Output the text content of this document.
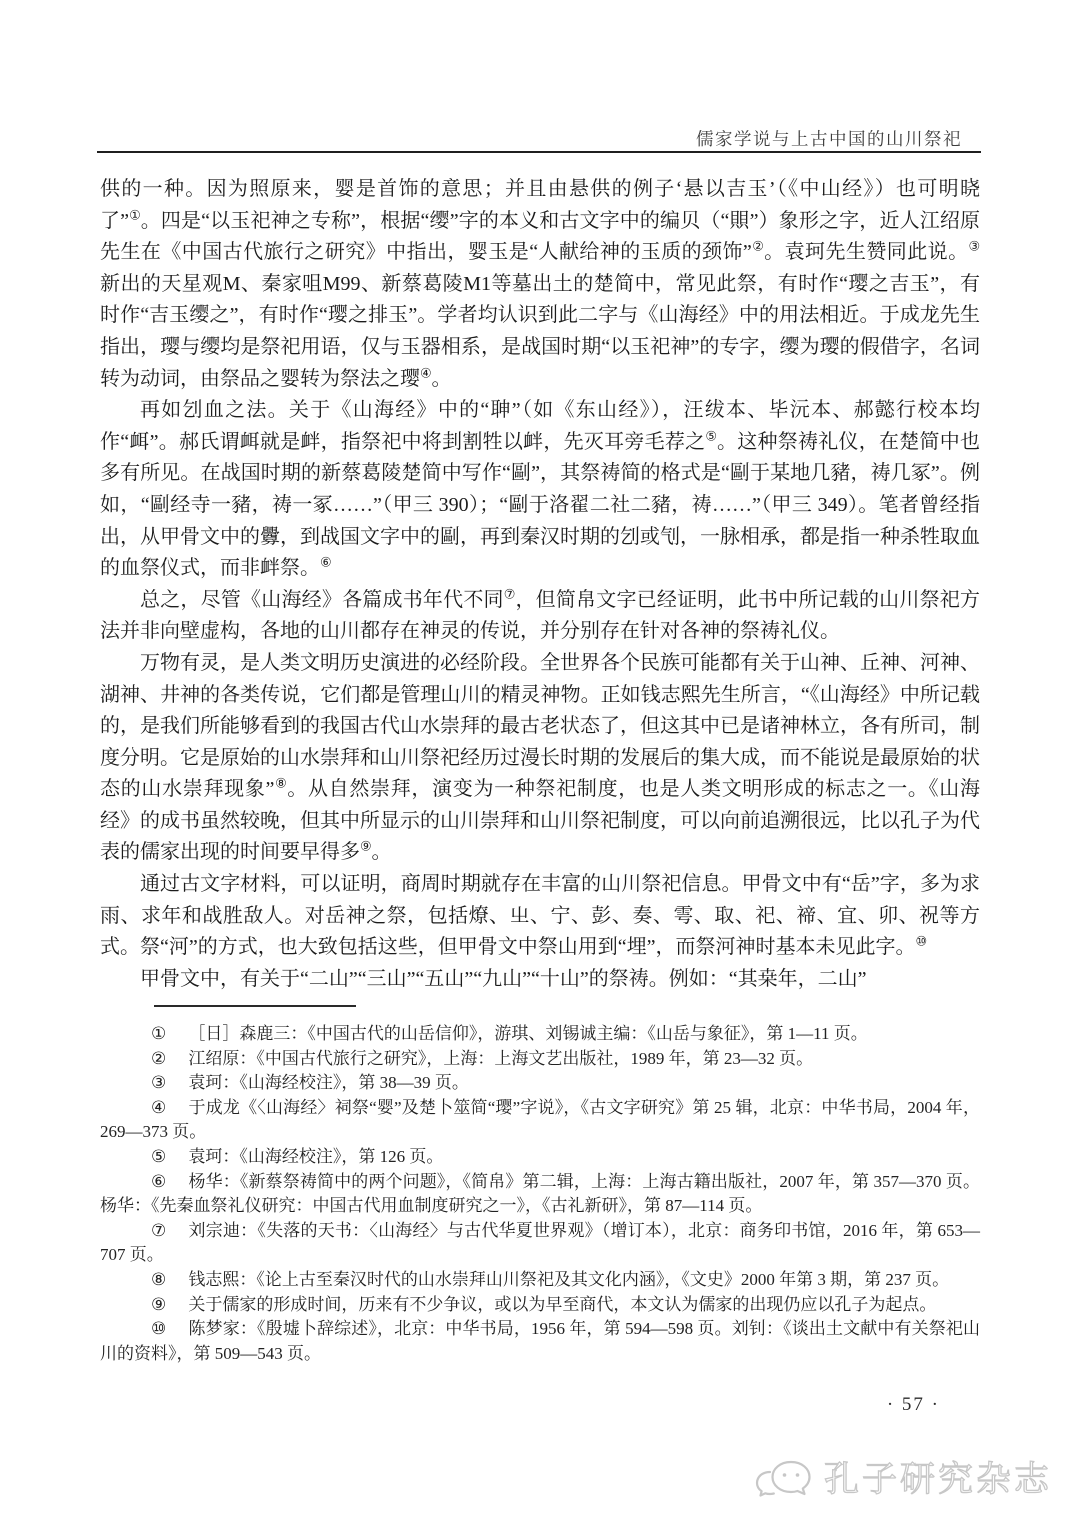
儒家学说与上古中国的山川祭祀

供的一种。因为照原来，婴是首饰的意思；并且由悬供的例子‘悬以吉玉’（《中山经》）也可明晓了”①。四是“以玉祀神之专称”，根据“缨”字的本义和古文字中的编贝（“賏”）象形之字，近人江绍原先生在《中国古代旅行之研究》中指出，婴玉是“人献给神的玉质的颈饰”②。袁珂先生赞同此说。③新出的天星观M、秦家咀M99、新蔡葛陵M1等墓出土的楚简中，常见此祭，有时作“璎之吉玉”，有时作“吉玉缨之”，有时作“璎之排玉”。学者均认识到此二字与《山海经》中的用法相近。于成龙先生指出，璎与缨均是祭祀用语，仅与玉器相系，是战国时期“以玉祀神”的专字，缨为璎的假借字，名词转为动词，由祭品之婴转为祭法之璎④。

再如刉血之法。关于《山海经》中的“䎶”（如《东山经》），汪绂本、毕沅本、郝懿行校本均作“衈”。郝氏谓衈就是衅，指祭祀中将刲割牲以衅，先灭耳旁毛荐之⑤。这种祭祷礼仪，在楚简中也多有所见。在战国时期的新蔡葛陵楚简中写作“剾”，其祭祷简的格式是“剾于某地几豬，祷几冢”。例如，“剾经寺一豬，祷一冢……”（甲三 390）；“剾于洛翟二社二豬，祷……”（甲三 349）。笔者曾经指出，从甲骨文中的釁，到战国文字中的剾，再到秦汉时期的刉或刏，一脉相承，都是指一种杀牲取血的血祭仪式，而非衅祭。⑥

总之，尽管《山海经》各篇成书年代不同⑦，但简帛文字已经证明，此书中所记载的山川祭祀方法并非向壁虚构，各地的山川都存在神灵的传说，并分别存在针对各神的祭祷礼仪。

万物有灵，是人类文明历史演进的必经阶段。全世界各个民族可能都有关于山神、丘神、河神、湖神、井神的各类传说，它们都是管理山川的精灵神物。正如钱志熙先生所言，“《山海经》中所记载的，是我们所能够看到的我国古代山水崇拜的最古老状态了，但这其中已是诸神林立，各有所司，制度分明。它是原始的山水崇拜和山川祭祀经历过漫长时期的发展后的集大成，而不能说是最原始的状态的山水崇拜现象”⑧。从自然崇拜，演变为一种祭祀制度，也是人类文明形成的标志之一。《山海经》的成书虽然较晚，但其中所显示的山川崇拜和山川祭祀制度，可以向前追溯很远，比以孔子为代表的儒家出现的时间要早得多⑨。

通过古文字材料，可以证明，商周时期就存在丰富的山川祭祀信息。甲骨文中有“岳”字，多为求雨、求年和战胜敌人。对岳神之祭，包括燎、㞢、宁、彭、奏、雩、取、祀、禘、宜、卯、祝等方式。祭“河”的方式，也大致包括这些，但甲骨文中祭山用到“埋”，而祭河神时基本未见此字。⑩

甲骨文中，有关于“二山”“三山”“五山”“九山”“十山”的祭祷。例如：“其桒年，二山”

① ［日］森鹿三：《中国古代的山岳信仰》，游琪、刘锡诚主编：《山岳与象征》，第 1—11 页。

② 江绍原：《中国古代旅行之研究》，上海：上海文艺出版社，1989 年，第 23—32 页。

③ 袁珂：《山海经校注》，第 38—39 页。

④ 于成龙《〈山海经〉祠祭“婴”及楚卜筮简“璎”字说》，《古文字研究》第 25 辑，北京：中华书局，2004 年，269—373 页。

⑤ 袁珂：《山海经校注》，第 126 页。

⑥ 杨华：《新蔡祭祷简中的两个问题》，《简帛》第二辑，上海：上海古籍出版社，2007 年，第 357—370 页。杨华：《先秦血祭礼仪研究：中国古代用血制度研究之一》，《古礼新研》，第 87—114 页。

⑦ 刘宗迪：《失落的天书：〈山海经〉与古代华夏世界观》（增订本），北京：商务印书馆，2016 年，第 653—707 页。

⑧ 钱志熙：《论上古至秦汉时代的山水崇拜山川祭祀及其文化内涵》，《文史》2000 年第 3 期，第 237 页。

⑨ 关于儒家的形成时间，历来有不少争议，或以为早至商代，本文认为儒家的出现仍应以孔子为起点。

⑩ 陈梦家：《殷墟卜辞综述》，北京：中华书局，1956 年，第 594—598 页。刘钊：《谈出土文献中有关祭祀山川的资料》，第 509—543 页。

· 57 ·
孔子研究杂志
